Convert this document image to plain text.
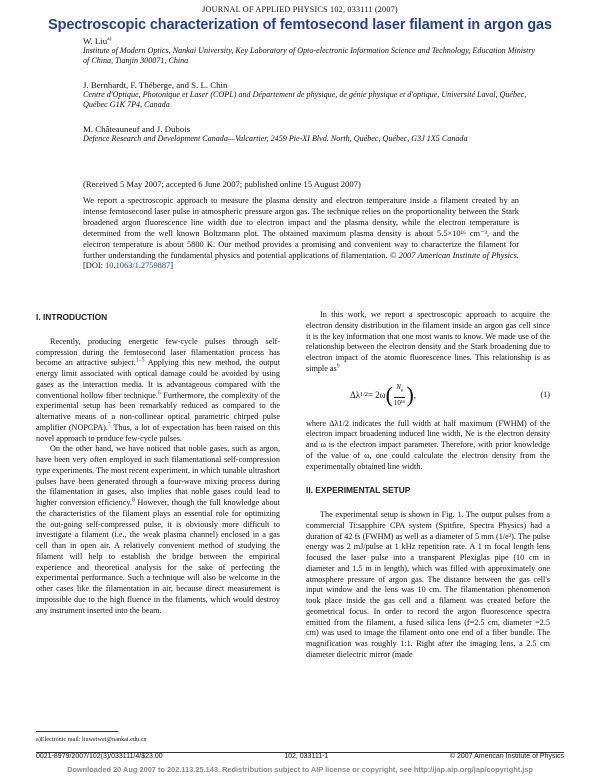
JOURNAL OF APPLIED PHYSICS 102, 033111 (2007)
Spectroscopic characterization of femtosecond laser filament in argon gas
W. Liu$^{a)}$
Institute of Modern Optics, Nankai University, Key Laboratory of Opto-electronic Information Science and Technology, Education Ministry of China, Tianjin 300071, China
J. Bernhardt, F. Théberge, and S. L. Chin
Centre d'Optique, Photonique et Laser (COPL) and Département de physique, de génie physique et d'optique, Université Laval, Québec, Québec G1K 7P4, Canada
M. Châteauneuf and J. Dubois
Defence Research and Development Canada—Valcartier, 2459 Pie-XI Blvd. North, Québec, Québec, G3J 1X5 Canada
(Received 5 May 2007; accepted 6 June 2007; published online 15 August 2007)
We report a spectroscopic approach to measure the plasma density and electron temperature inside a filament created by an intense femtosecond laser pulse in atmospheric pressure argon gas. The technique relies on the proportionality between the Stark broadened argon fluorescence line width due to electron impact and the plasma density, while the electron temperature is determined from the well known Boltzmann plot. The obtained maximum plasma density is about 5.5×10¹⁶ cm⁻³, and the electron temperature is about 5800 K. Our method provides a promising and convenient way to characterize the filament for further understanding the fundamental physics and potential applications of filamentation. © 2007 American Institute of Physics. [DOI: 10.1063/1.2759887]
I. INTRODUCTION

Recently, producing energetic few-cycle pulses through self-compression during the femtosecond laser filamentation process has become an attractive subject.$^{1-5}$ Applying this new method, the output energy limit associated with optical damage could be avoided by using gases as the interaction media. It is advantageous compared with the conventional hollow fiber technique.$^6$ Furthermore, the complexity of the experimental setup has been remarkably reduced as compared to the alternative means of a non-collinear optical parametric chirped pulse amplifier (NOPCPA).$^7$ Thus, a lot of expectation has been raised on this novel approach to produce few-cycle pulses.

On the other hand, we have noticed that noble gases, such as argon, have been very often employed in such filamentational self-compression type experiments. The most recent experiment, in which tunable ultrashort pulses have been generated through a four-wave mixing process during the filamentation in gases, also implies that noble gases could lead to higher conversion efficiency.$^8$ However, though the full knowledge about the characteristics of the filament plays an essential role for optimizing the out-going self-compressed pulse, it is obviously more difficult to investigate a filament (i.e., the weak plasma channel) enclosed in a gas cell than in open air. A relatively convenient method of studying the filament will help to establish the bridge between the empirical experience and theoretical analysis for the sake of perfecting the experimental performance. Such a technique will also be welcome in the other cases like the filamentation in air, because direct measurement is impossible due to the high fluence in the filaments, which would destroy any instrument inserted into the beam.

In this work, we report a spectroscopic approach to acquire the electron density distribution in the filament inside an argon gas cell since it is the key information that one most wants to know. We made use of the relationship between the electron density and the Stark broadening due to electron impact of the atomic fluorescence lines. This relationship is as simple as$^9$

Δλ 1/2 = 2ω ( $\frac{N_e}{\text{10¹⁶}}$ ) ,	(1)

where Δλ1/2 indicates the full width at half maximum (FWHM) of the electron impact broadening induced line width, Ne is the electron density and ω is the electron impact parameter. Therefore, with prior knowledge of the value of ω, one could calculate the electron density from the experimentally obtained line width.

II. EXPERIMENTAL SETUP

The experimental setup is shown in Fig. 1. The output pulses from a commercial Ti:sapphire CPA system (Spitfire, Spectra Physics) had a duration of 42 fs (FWHM) as well as a diameter of 5 mm (1/e²). The pulse energy was 2 mJ/pulse at 1 kHz repetition rate. A 1 m focal length lens focused the laser pulse into a transparent Plexiglas pipe (10 cm in diameter and 1.5 m in length), which was filled with approximately one atmosphere pressure of argon gas. The distance between the gas cell's input window and the lens was 10 cm. The filamentation phenomenon took place inside the gas cell and a filament was created before the geometrical focus. In order to record the argon fluorescence spectra emitted from the filament, a fused silica lens (f=2.5 cm, diameter =2.5 cm) was used to image the filament onto one end of a fiber bundle. The magnification was roughly 1:1. Right after the imaging lens, a 2.5 cm diameter dielectric mirror (made

a)Electronic mail: liuweiwei@nankai.edu.cn
0021-8979/2007/102(3)/033111/4/$23.00	102, 033111-1	© 2007 American Institute of Physics
Downloaded 20 Aug 2007 to 202.113.25.143. Redistribution subject to AIP license or copyright, see http://jap.aip.org/jap/copyright.jsp
